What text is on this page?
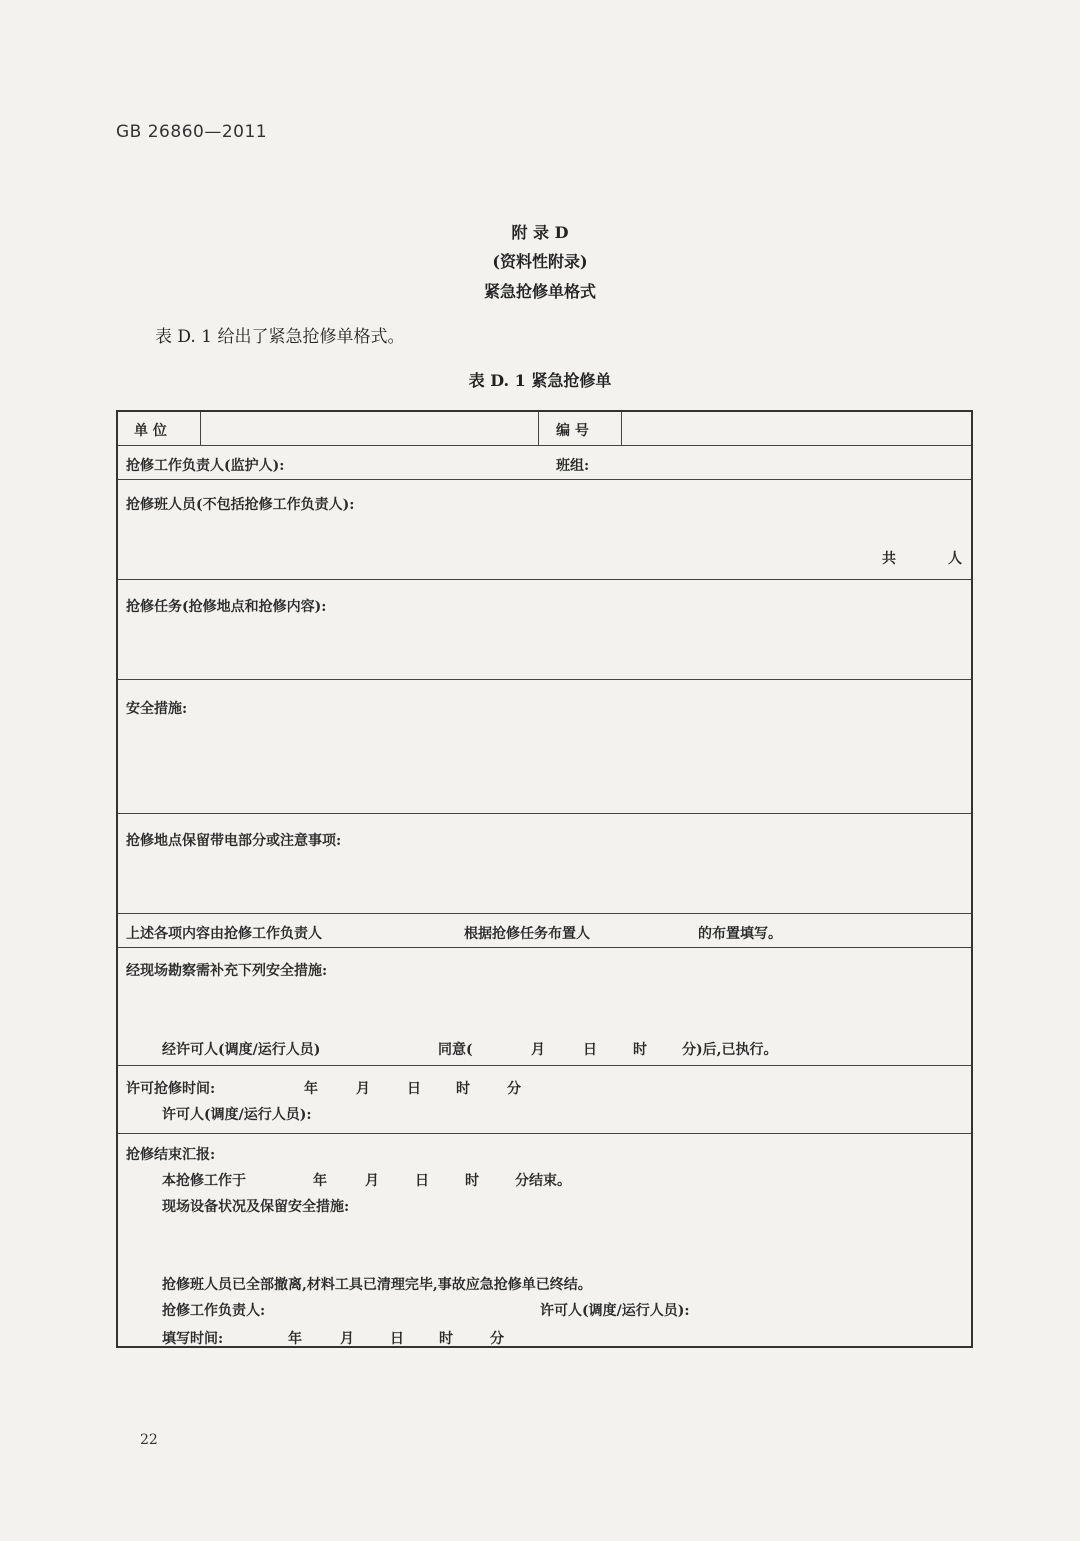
GB 26860—2011
附 录 D
(资料性附录)
紧急抢修单格式
表 D. 1 给出了紧急抢修单格式。
表 D. 1 紧急抢修单
单 位	编 号
抢修工作负责人(监护人):	班组:
抢修班人员(不包括抢修工作负责人):
共	人
抢修任务(抢修地点和抢修内容):
安全措施:
抢修地点保留带电部分或注意事项:
上述各项内容由抢修工作负责人	根据抢修任务布置人	的布置填写。
经现场勘察需补充下列安全措施:
经许可人(调度/运行人员)	同意(	月	日	时	分)后,已执行。
许可抢修时间:	年	月	日	时	分
许可人(调度/运行人员):
抢修结束汇报:
本抢修工作于	年	月	日	时	分结束。
现场设备状况及保留安全措施:
抢修班人员已全部撤离,材料工具已清理完毕,事故应急抢修单已终结。
抢修工作负责人:	许可人(调度/运行人员):
填写时间:	年	月	日	时	分
22
